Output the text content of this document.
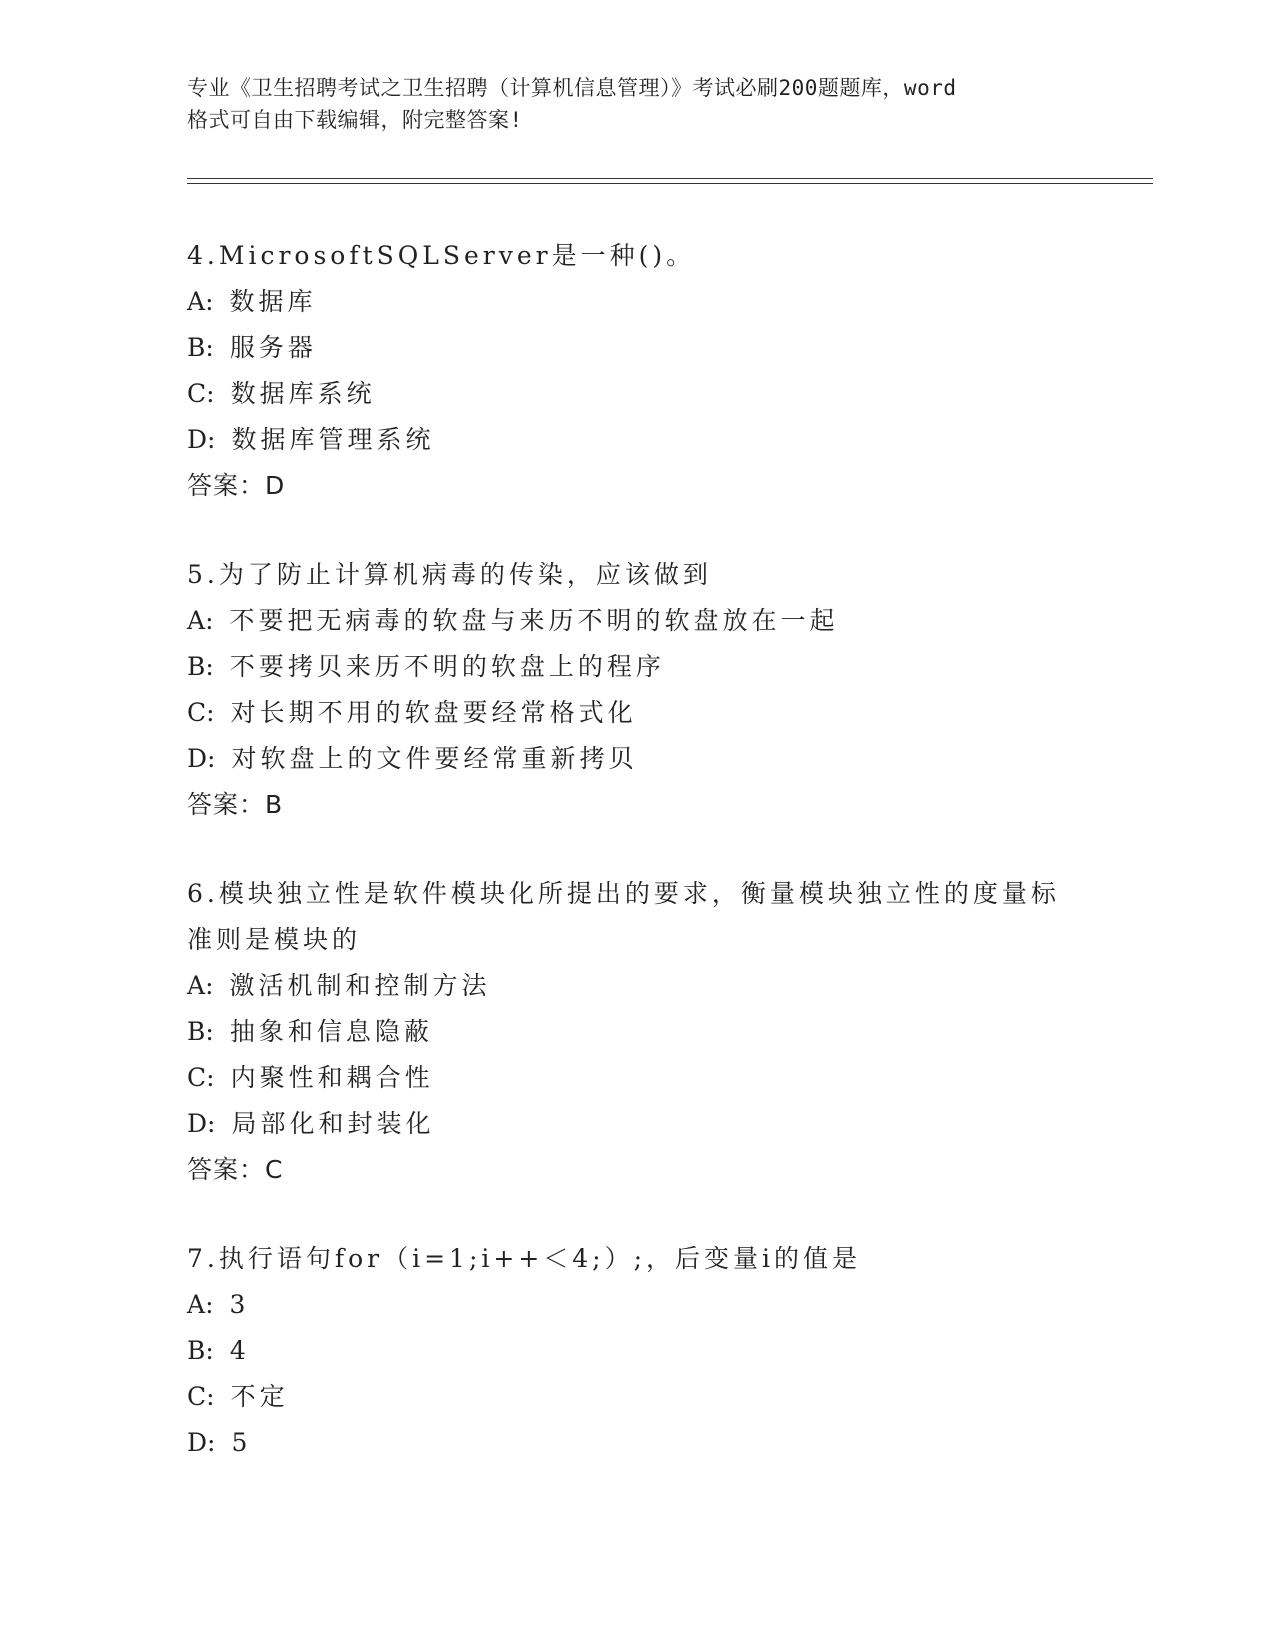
专业《卫生招聘考试之卫生招聘（计算机信息管理）》考试必刷200题题库，word
格式可自由下载编辑，附完整答案!
4.MicrosoftSQLServer是一种()。
A: 数据库
B: 服务器
C: 数据库系统
D: 数据库管理系统
答案：D
5.为了防止计算机病毒的传染，应该做到
A: 不要把无病毒的软盘与来历不明的软盘放在一起
B: 不要拷贝来历不明的软盘上的程序
C: 对长期不用的软盘要经常格式化
D: 对软盘上的文件要经常重新拷贝
答案：B
6.模块独立性是软件模块化所提出的要求，衡量模块独立性的度量标
准则是模块的
A: 激活机制和控制方法
B: 抽象和信息隐蔽
C: 内聚性和耦合性
D: 局部化和封装化
答案：C
7.执行语句for（i=1;i++＜4;）;，后变量i的值是
A: 3
B: 4
C: 不定
D: 5
